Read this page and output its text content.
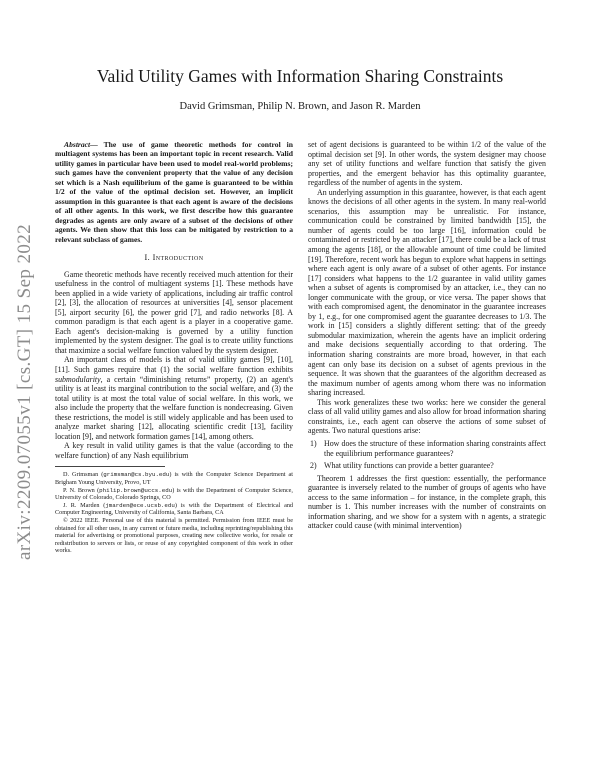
arXiv:2209.07055v1 [cs.GT] 15 Sep 2022
Valid Utility Games with Information Sharing Constraints
David Grimsman, Philip N. Brown, and Jason R. Marden

Abstract— The use of game theoretic methods for control in multiagent systems has been an important topic in recent research. Valid utility games in particular have been used to model real-world problems; such games have the convenient property that the value of any decision set which is a Nash equilibrium of the game is guaranteed to be within 1/2 of the value of the optimal decision set. However, an implicit assumption in this guarantee is that each agent is aware of the decisions of all other agents. In this work, we first describe how this guarantee degrades as agents are only aware of a subset of the decisions of other agents. We then show that this loss can be mitigated by restriction to a relevant subclass of games.

I. Introduction

Game theoretic methods have recently received much attention for their usefulness in the control of multiagent systems [1]. These methods have been applied in a wide variety of applications, including air traffic control [2], [3], the allocation of resources at universities [4], sensor placement [5], airport security [6], the power grid [7], and radio networks [8]. A common paradigm is that each agent is a player in a cooperative game. Each agent's decision-making is governed by a utility function implemented by the system designer. The goal is to create utility functions that maximize a social welfare function valued by the system designer.

An important class of models is that of valid utility games [9], [10], [11]. Such games require that (1) the social welfare function exhibits submodularity, a certain “diminishing returns” property, (2) an agent's utility is at least its marginal contribution to the social welfare, and (3) the total utility is at most the total value of social welfare. In this work, we also include the property that the welfare function is nondecreasing. Given these restrictions, the model is still widely applicable and has been used to analyze market sharing [12], allocating scientific credit [13], facility location [9], and network formation games [14], among others.

A key result in valid utility games is that the value (according to the welfare function) of any Nash equilibrium

D. Grimsman (grimsman@cs.byu.edu) is with the Computer Science Department at Brigham Young University, Provo, UT

P. N. Brown (philip.brown@uccs.edu) is with the Department of Computer Science, University of Colorado, Colorado Springs, CO

J. R. Marden (jmarden@ece.ucsb.edu) is with the Department of Electrical and Computer Engineering, University of California, Santa Barbara, CA

© 2022 IEEE. Personal use of this material is permitted. Permission from IEEE must be obtained for all other uses, in any current or future media, including reprinting/republishing this material for advertising or promotional purposes, creating new collective works, for resale or redistribution to servers or lists, or reuse of any copyrighted component of this work in other works.

set of agent decisions is guaranteed to be within 1/2 of the value of the optimal decision set [9]. In other words, the system designer may choose any set of utility functions and welfare function that satisfy the given properties, and the emergent behavior has this optimality guarantee, regardless of the number of agents in the system.

An underlying assumption in this guarantee, however, is that each agent knows the decisions of all other agents in the system. In many real-world scenarios, this assumption may be unrealistic. For instance, communication could be constrained by limited bandwidth [15], the number of agents could be too large [16], information could be contaminated or restricted by an attacker [17], there could be a lack of trust among the agents [18], or the allowable amount of time could be limited [19]. Therefore, recent work has begun to explore what happens in settings where each agent is only aware of a subset of other agents. For instance [17] considers what happens to the 1/2 guarantee in valid utility games when a subset of agents is compromised by an attacker, i.e., they can no longer communicate with the group, or vice versa. The paper shows that with each compromised agent, the denominator in the guarantee increases by 1, e.g., for one compromised agent the guarantee decreases to 1/3. The work in [15] considers a slightly different setting: that of the greedy submodular maximization, wherein the agents have an implicit ordering and make decisions sequentially according to that ordering. The information sharing constraints are more broad, however, in that each agent can only base its decision on a subset of agents previous in the sequence. It was shown that the guarantees of the algorithm decreased as the maximum number of agents among whom there was no information sharing increased.

This work generalizes these two works: here we consider the general class of all valid utility games and also allow for broad information sharing constraints, i.e., each agent can observe the actions of some subset of agents. Two natural questions arise:

1) How does the structure of these information sharing constraints affect the equilibrium performance guarantees?
2) What utility functions can provide a better guarantee?

Theorem 1 addresses the first question: essentially, the performance guarantee is inversely related to the number of groups of agents who have access to the same information – for instance, in the complete graph, this number is 1. This number increases with the number of constraints on information sharing, and we show for a system with n agents, a strategic attacker could cause (with minimal intervention)
